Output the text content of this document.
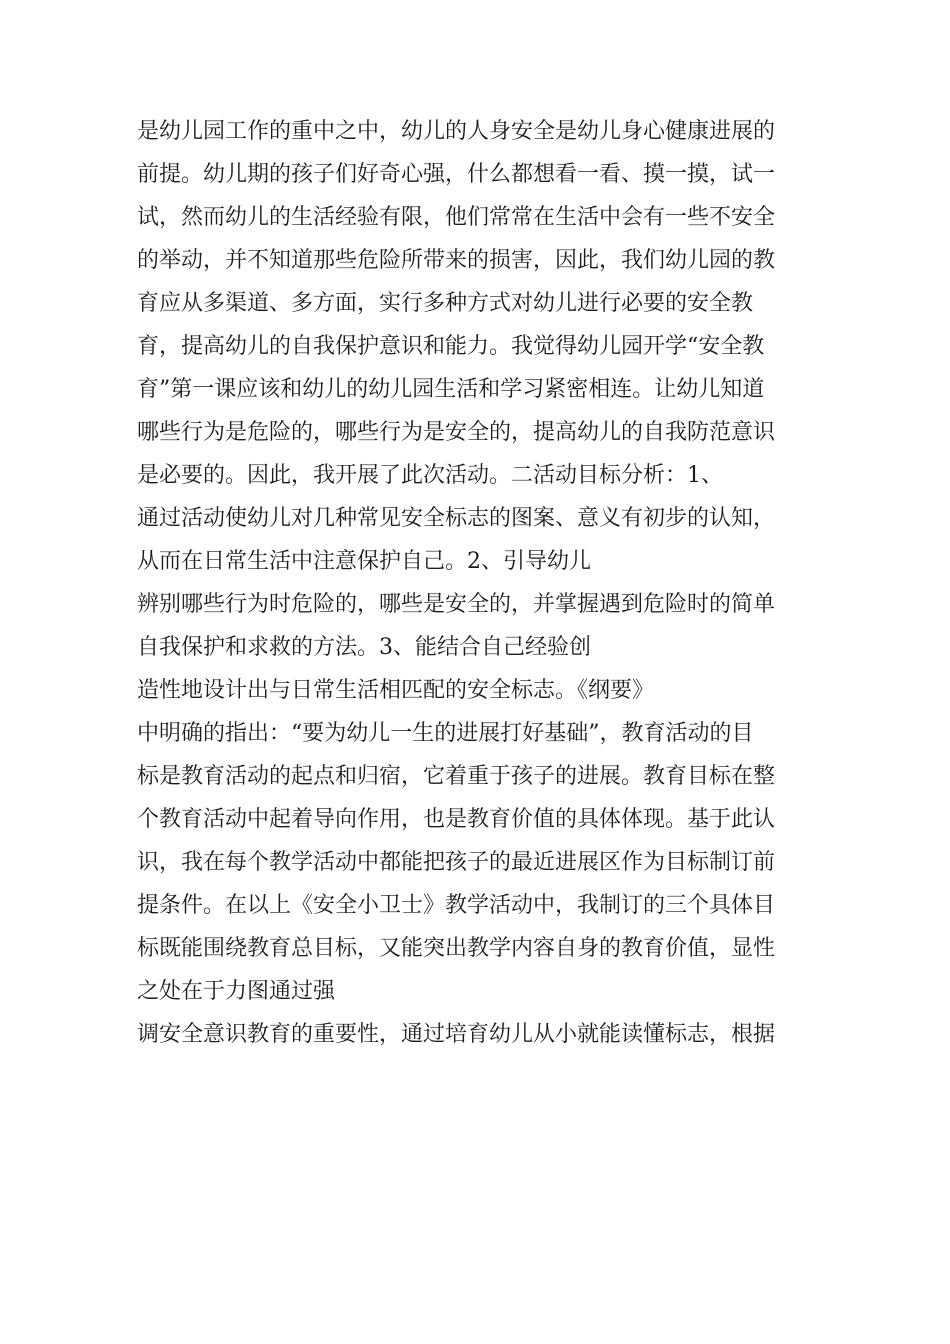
是幼儿园工作的重中之中，幼儿的人身安全是幼儿身心健康进展的
前提。幼儿期的孩子们好奇心强，什么都想看一看、摸一摸，试一
试，然而幼儿的生活经验有限，他们常常在生活中会有一些不安全
的举动，并不知道那些危险所带来的损害，因此，我们幼儿园的教
育应从多渠道、多方面，实行多种方式对幼儿进行必要的安全教
育，提高幼儿的自我保护意识和能力。我觉得幼儿园开学“安全教
育”第一课应该和幼儿的幼儿园生活和学习紧密相连。让幼儿知道
哪些行为是危险的，哪些行为是安全的，提高幼儿的自我防范意识
是必要的。因此，我开展了此次活动。二活动目标分析：1、
通过活动使幼儿对几种常见安全标志的图案、意义有初步的认知，
从而在日常生活中注意保护自己。2、引导幼儿
辨别哪些行为时危险的，哪些是安全的，并掌握遇到危险时的简单
自我保护和求救的方法。3、能结合自己经验创
造性地设计出与日常生活相匹配的安全标志。《纲要》
中明确的指出：“要为幼儿一生的进展打好基础”，教育活动的目
标是教育活动的起点和归宿，它着重于孩子的进展。教育目标在整
个教育活动中起着导向作用，也是教育价值的具体体现。基于此认
识，我在每个教学活动中都能把孩子的最近进展区作为目标制订前
提条件。在以上《安全小卫士》教学活动中，我制订的三个具体目
标既能围绕教育总目标，又能突出教学内容自身的教育价值，显性
之处在于力图通过强
调安全意识教育的重要性，通过培育幼儿从小就能读懂标志，根据
